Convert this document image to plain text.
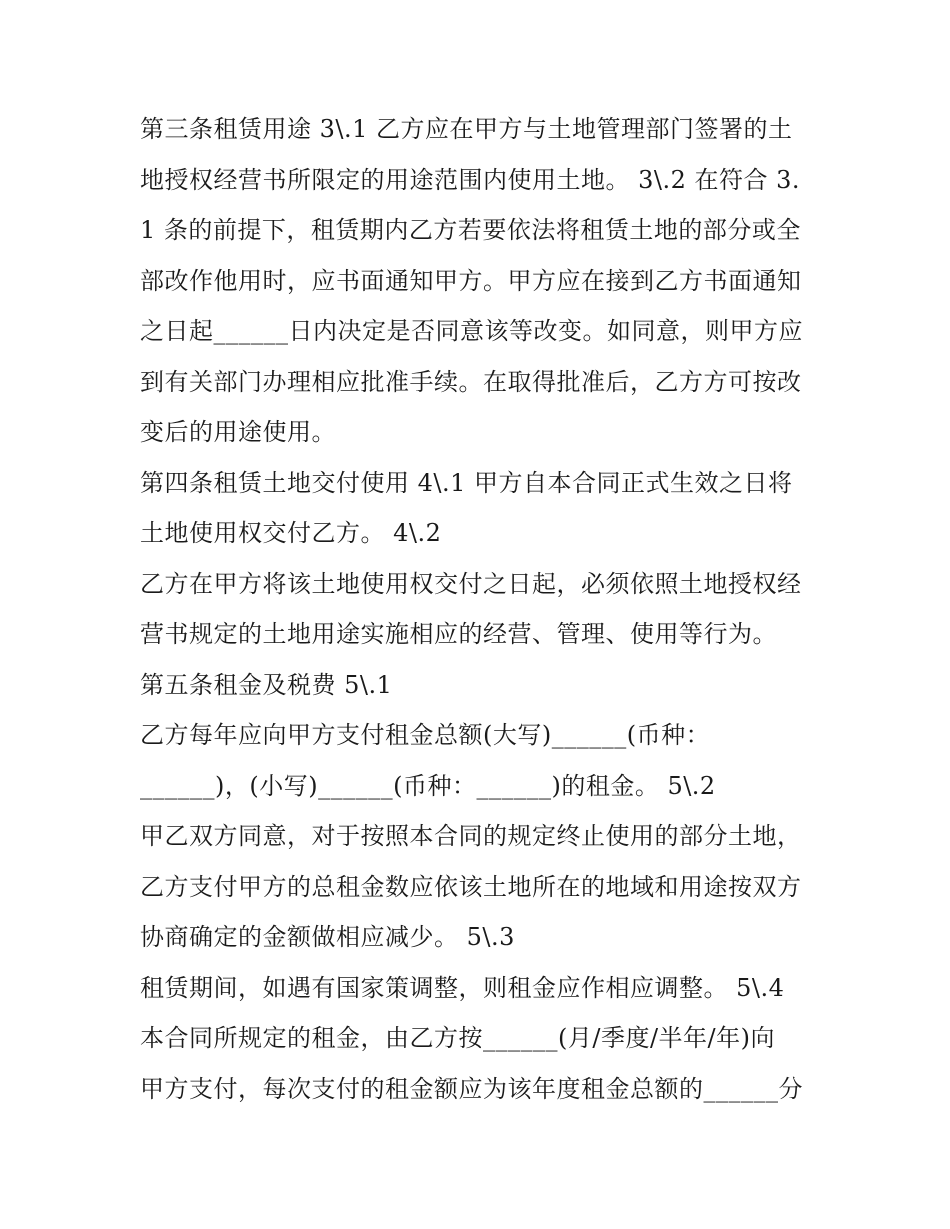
第三条租赁用途 3\.1 乙方应在甲方与土地管理部门签署的土
地授权经营书所限定的用途范围内使用土地。 3\.2 在符合 3.
1 条的前提下，租赁期内乙方若要依法将租赁土地的部分或全
部改作他用时，应书面通知甲方。甲方应在接到乙方书面通知
之日起______日内决定是否同意该等改变。如同意，则甲方应
到有关部门办理相应批准手续。在取得批准后，乙方方可按改
变后的用途使用。
第四条租赁土地交付使用 4\.1 甲方自本合同正式生效之日将
土地使用权交付乙方。 4\.2
乙方在甲方将该土地使用权交付之日起，必须依照土地授权经
营书规定的土地用途实施相应的经营、管理、使用等行为。
第五条租金及税费 5\.1
乙方每年应向甲方支付租金总额(大写)______(币种：
______)，(小写)______(币种：______)的租金。 5\.2
甲乙双方同意，对于按照本合同的规定终止使用的部分土地，
乙方支付甲方的总租金数应依该土地所在的地域和用途按双方
协商确定的金额做相应减少。 5\.3
租赁期间，如遇有国家策调整，则租金应作相应调整。 5\.4
本合同所规定的租金，由乙方按______(月/季度/半年/年)向
甲方支付，每次支付的租金额应为该年度租金总额的______分
